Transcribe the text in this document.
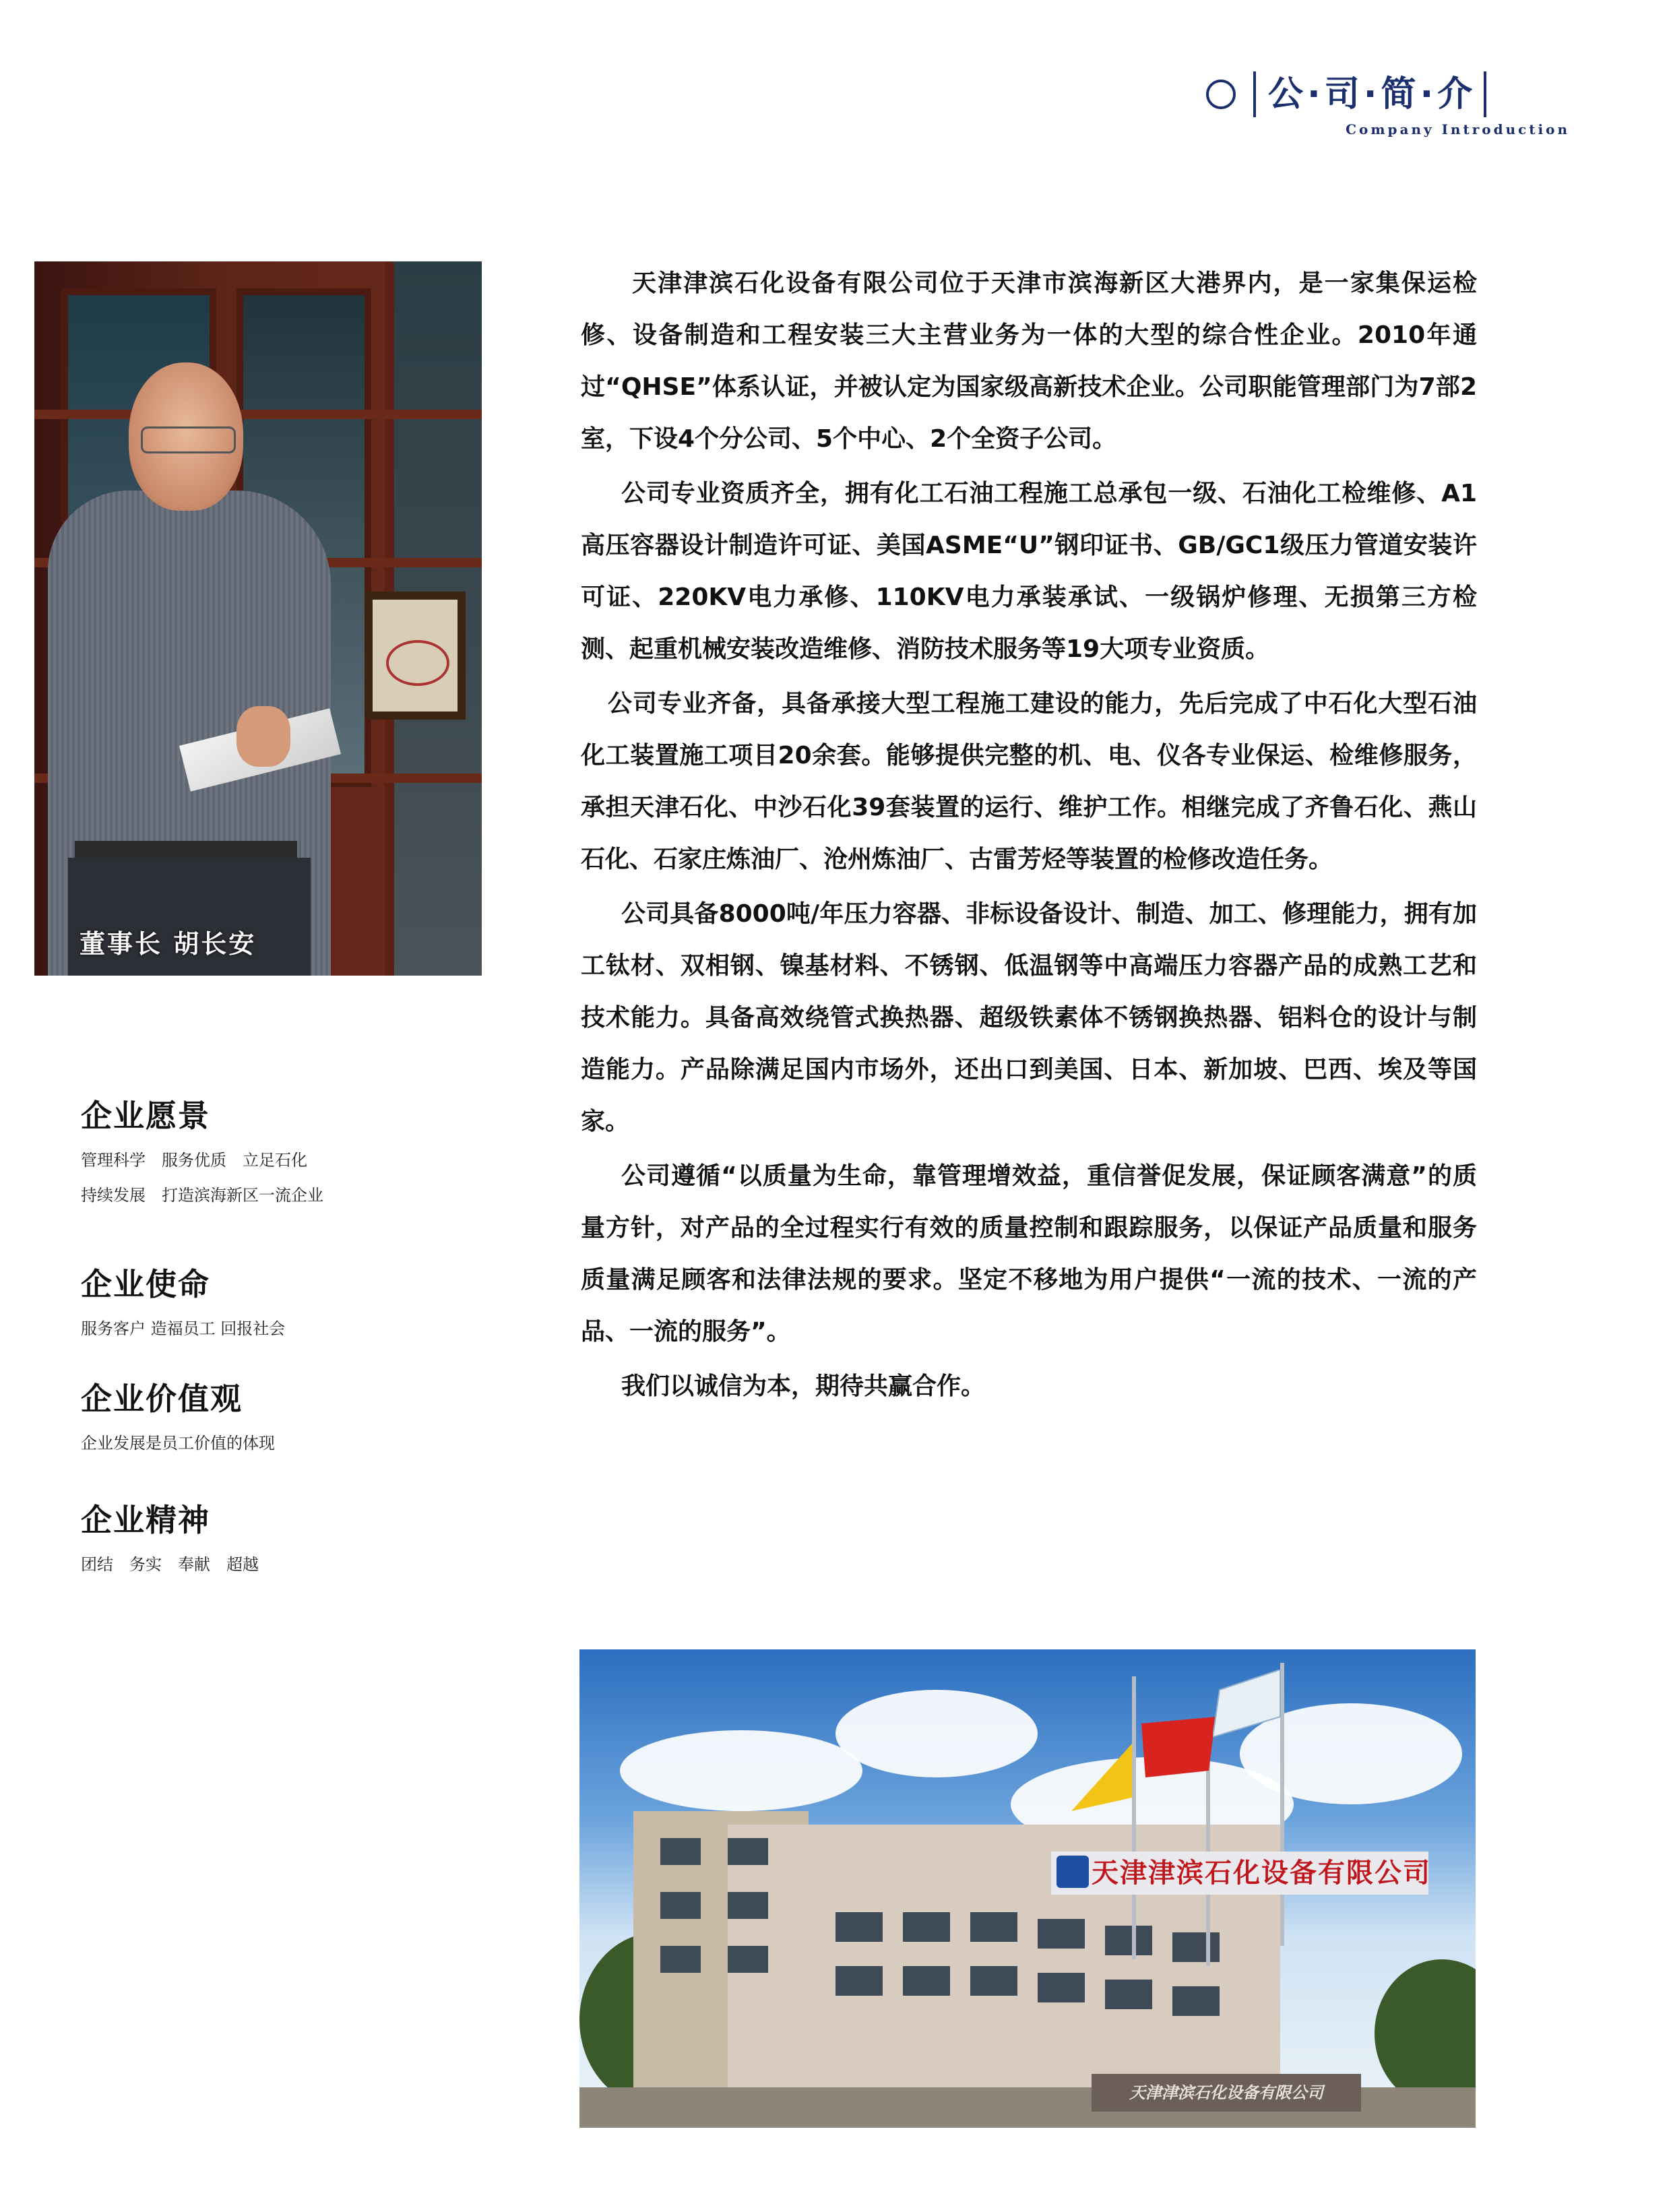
公·司·简·介
Company Introduction
董事长 胡长安
企业愿景
管理科学　服务优质　立足石化
持续发展　打造滨海新区一流企业
企业使命
服务客户 造福员工 回报社会
企业价值观
企业发展是员工价值的体现
企业精神
团结　务实　奉献　超越

天津津滨石化设备有限公司位于天津市滨海新区大港界内，是一家集保运检修、设备制造和工程安装三大主营业务为一体的大型的综合性企业。2010年通过“QHSE”体系认证，并被认定为国家级高新技术企业。公司职能管理部门为7部2室，下设4个分公司、5个中心、2个全资子公司。

公司专业资质齐全，拥有化工石油工程施工总承包一级、石油化工检维修、A1高压容器设计制造许可证、美国ASME“U”钢印证书、GB/GC1级压力管道安装许可证、220KV电力承修、110KV电力承装承试、一级锅炉修理、无损第三方检测、起重机械安装改造维修、消防技术服务等19大项专业资质。

公司专业齐备，具备承接大型工程施工建设的能力，先后完成了中石化大型石油化工装置施工项目20余套。能够提供完整的机、电、仪各专业保运、检维修服务，承担天津石化、中沙石化39套装置的运行、维护工作。相继完成了齐鲁石化、燕山石化、石家庄炼油厂、沧州炼油厂、古雷芳烃等装置的检修改造任务。

公司具备8000吨/年压力容器、非标设备设计、制造、加工、修理能力，拥有加工钛材、双相钢、镍基材料、不锈钢、低温钢等中高端压力容器产品的成熟工艺和技术能力。具备高效绕管式换热器、超级铁素体不锈钢换热器、铝料仓的设计与制造能力。产品除满足国内市场外，还出口到美国、日本、新加坡、巴西、埃及等国家。

公司遵循“以质量为生命，靠管理增效益，重信誉促发展，保证顾客满意”的质量方针，对产品的全过程实行有效的质量控制和跟踪服务，以保证产品质量和服务质量满足顾客和法律法规的要求。坚定不移地为用户提供“一流的技术、一流的产品、一流的服务”。

我们以诚信为本，期待共赢合作。

天津津滨石化设备有限公司
天津津滨石化设备有限公司
